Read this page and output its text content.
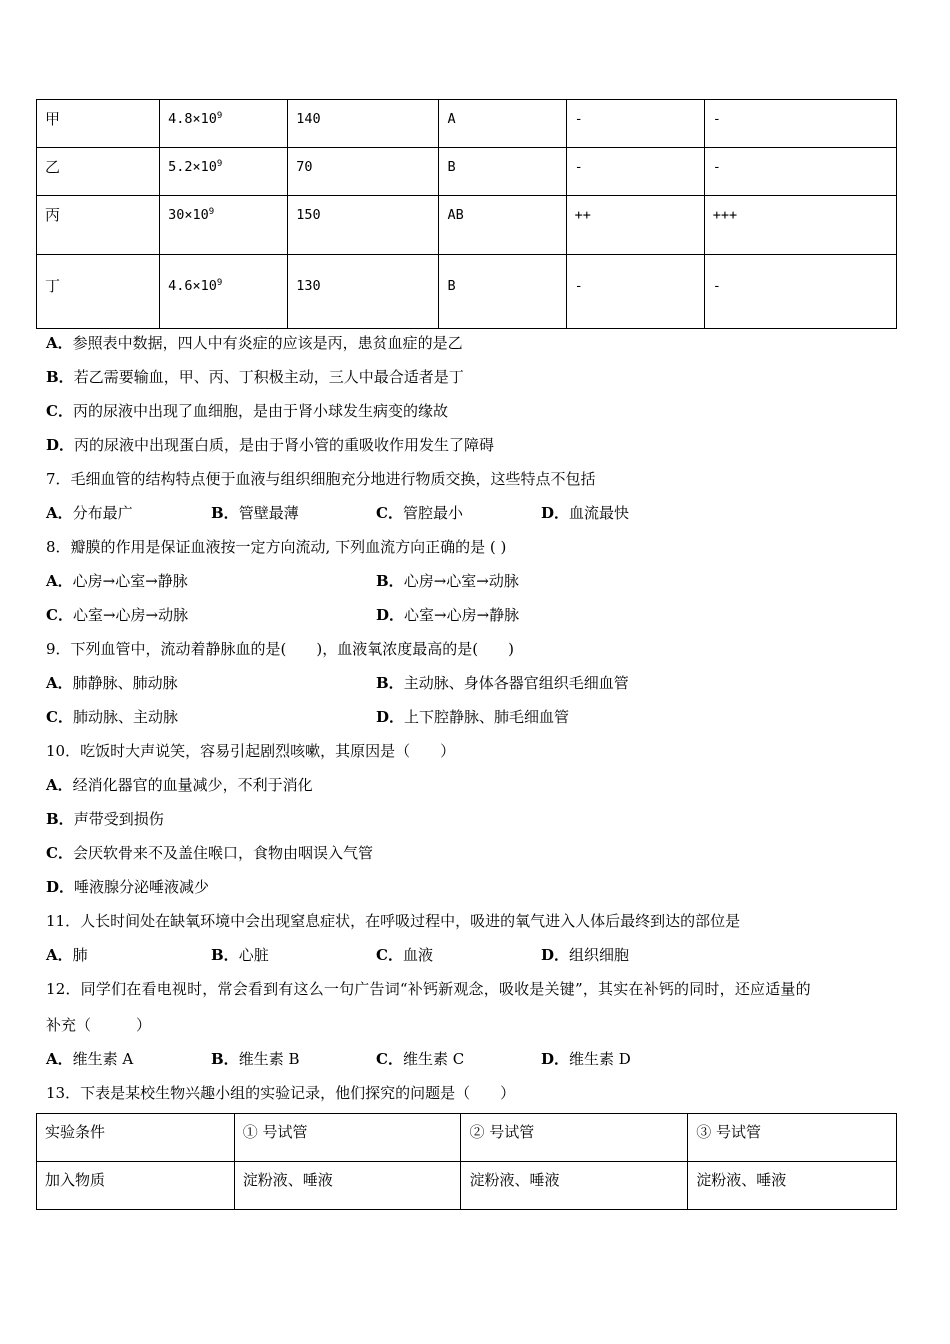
甲	$4.8\times 10^9$	140	A	-	-
乙	$5.2\times 10^9$	70	B	-	-
丙	$30\times 10^9$	150	AB	++	+++
丁	$4.6\times 10^9$	130	B	-	-
A．参照表中数据，四人中有炎症的应该是丙，患贫血症的是乙
B．若乙需要输血，甲、丙、丁积极主动，三人中最合适者是丁
C．丙的尿液中出现了血细胞，是由于肾小球发生病变的缘故
D．丙的尿液中出现蛋白质，是由于肾小管的重吸收作用发生了障碍
7．毛细血管的结构特点便于血液与组织细胞充分地进行物质交换，这些特点不包括
A．分布最广	B．管壁最薄	C．管腔最小	D．血流最快
8．瓣膜的作用是保证血液按一定方向流动, 下列血流方向正确的是 ( )
A．心房→心室→静脉	B．心房→心室→动脉
C．心室→心房→动脉	D．心室→心房→静脉
9．下列血管中，流动着静脉血的是(　　)，血液氧浓度最高的是(　　)
A．肺静脉、肺动脉	B．主动脉、身体各器官组织毛细血管
C．肺动脉、主动脉	D．上下腔静脉、肺毛细血管
10．吃饭时大声说笑，容易引起剧烈咳嗽，其原因是（　　）
A．经消化器官的血量减少，不利于消化
B．声带受到损伤
C．会厌软骨来不及盖住喉口，食物由咽误入气管
D．唾液腺分泌唾液减少
11．人长时间处在缺氧环境中会出现窒息症状，在呼吸过程中，吸进的氧气进入人体后最终到达的部位是
A．肺	B．心脏	C．血液	D．组织细胞
12．同学们在看电视时，常会看到有这么一句广告词“补钙新观念，吸收是关键”，其实在补钙的同时，还应适量的
补充（　　　）
A．维生素 A	B．维生素 B	C．维生素 C	D．维生素 D
13．下表是某校生物兴趣小组的实验记录，他们探究的问题是（　　）
实验条件	① 号试管	② 号试管	③ 号试管
加入物质	淀粉液、唾液	淀粉液、唾液	淀粉液、唾液
